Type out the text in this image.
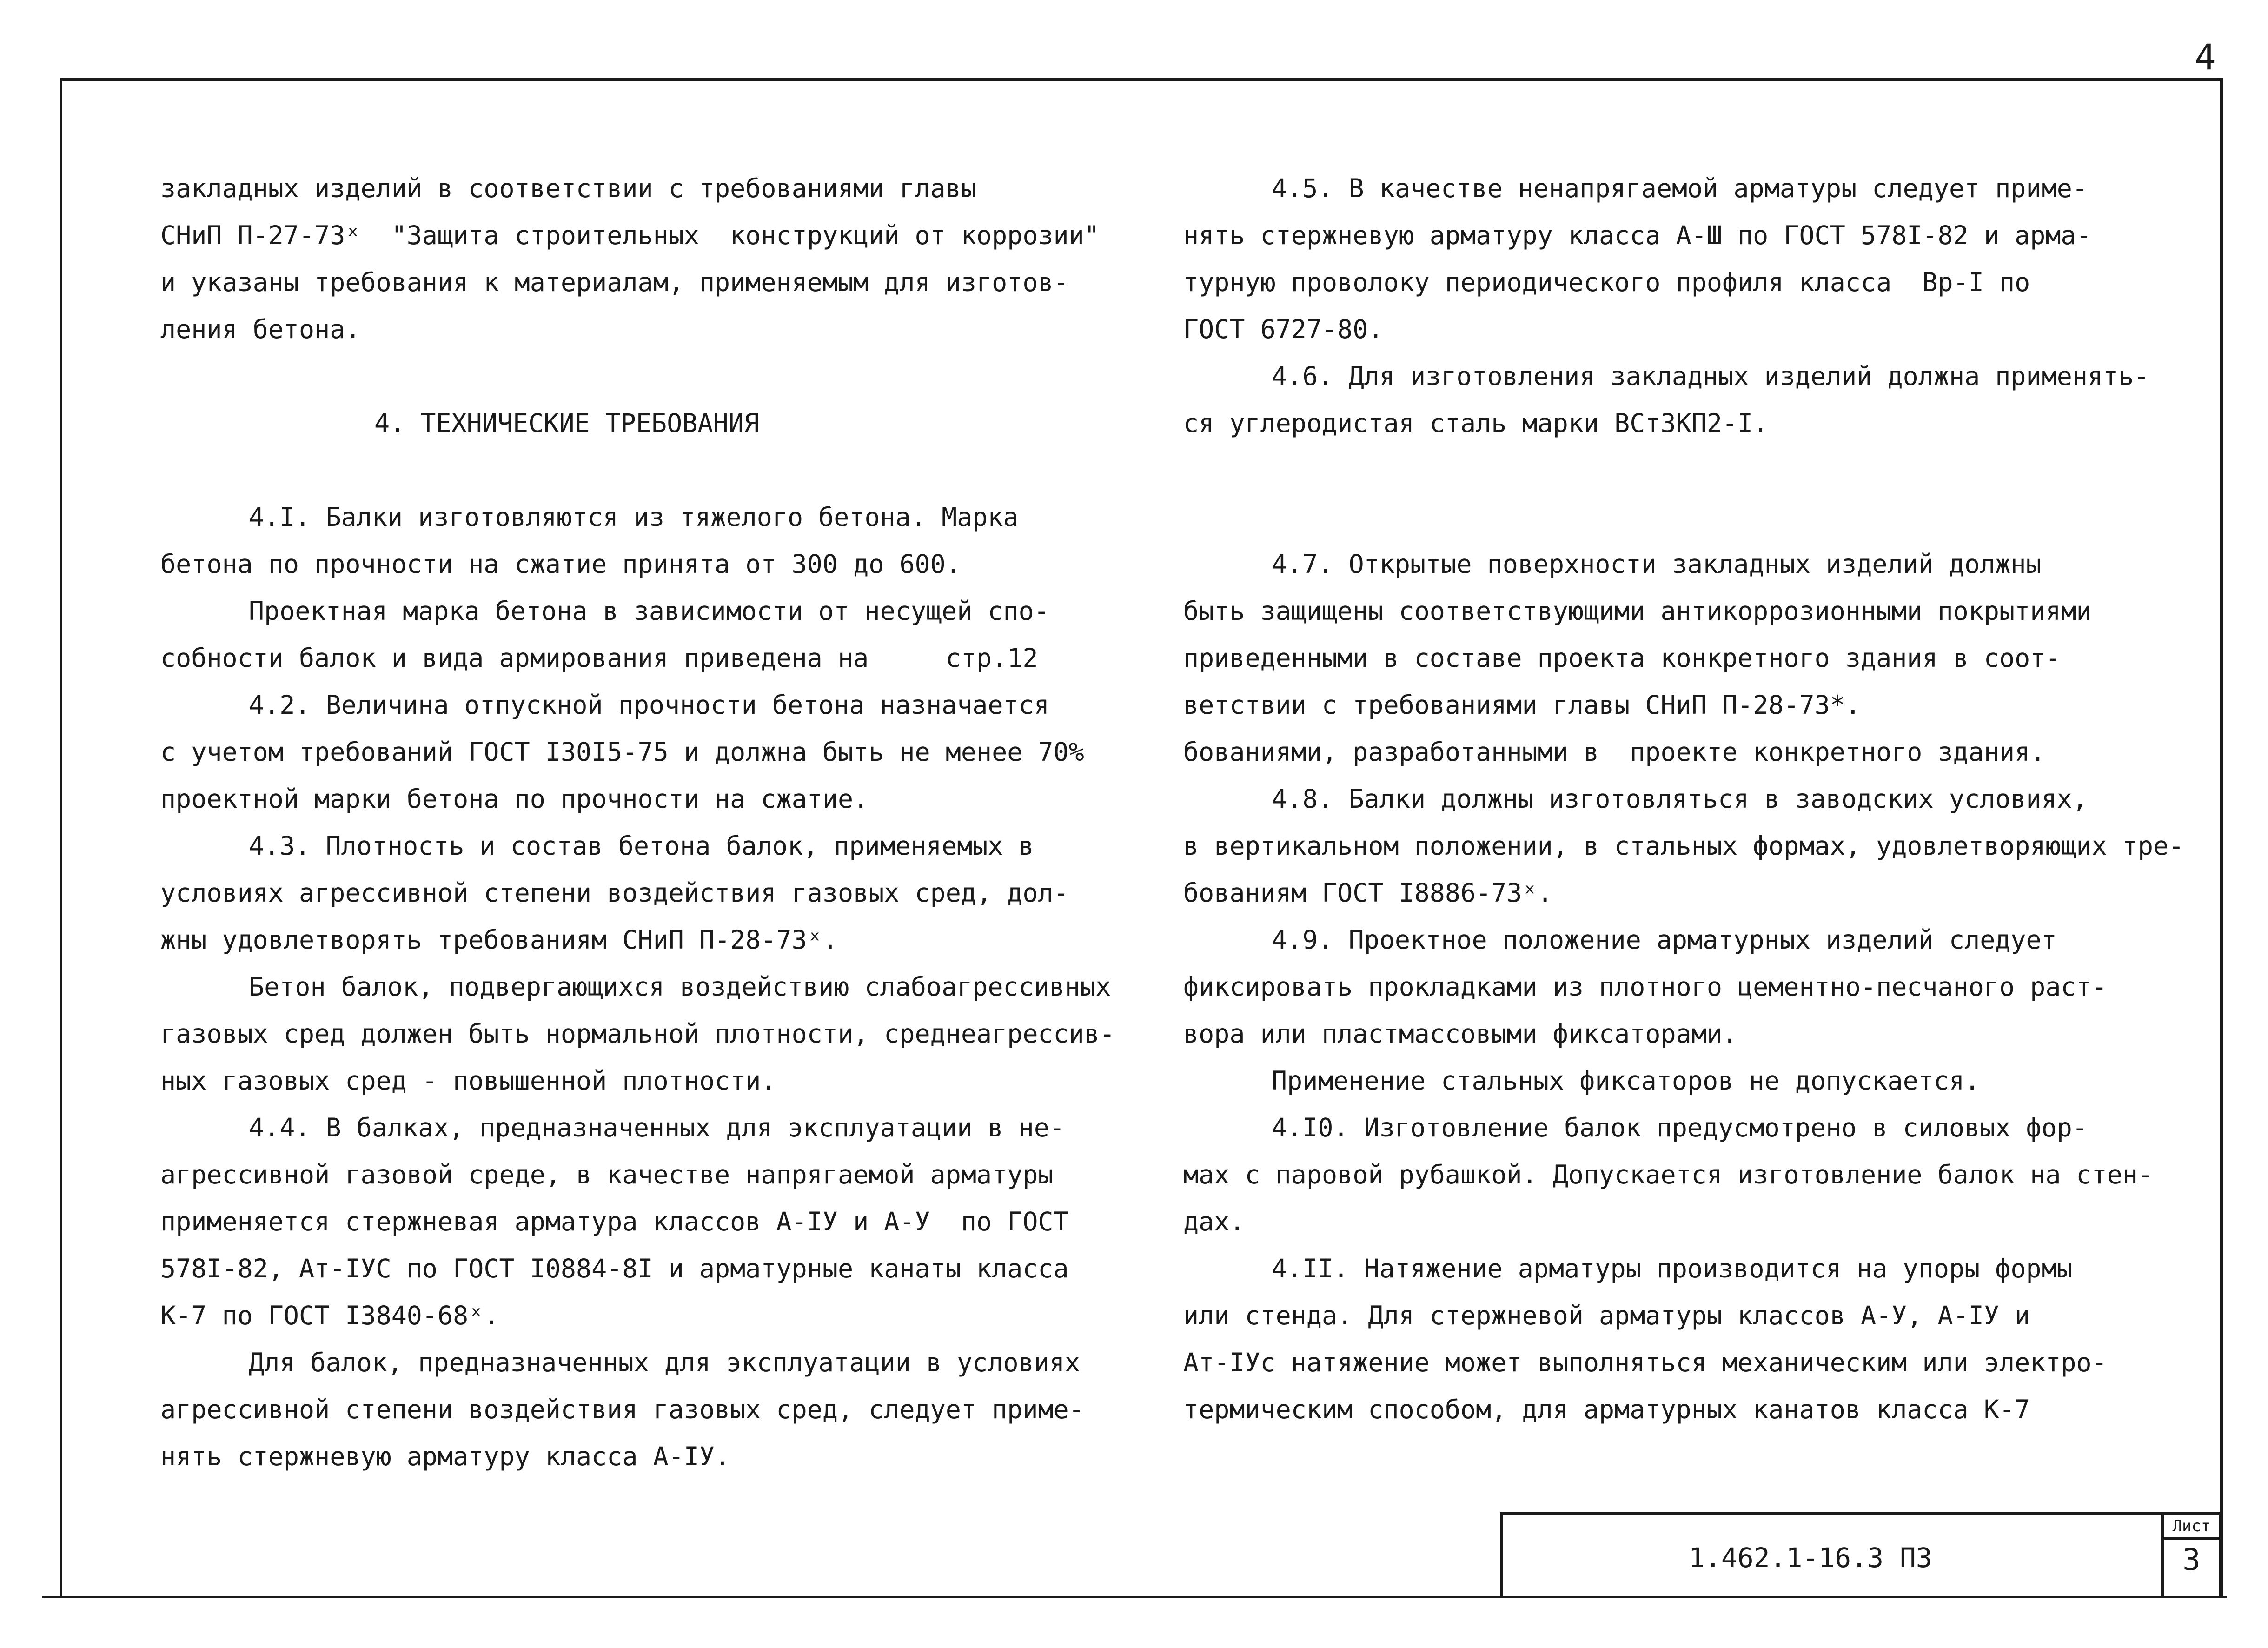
4
закладных изделий в соответствии с требованиями главы
СНиП П-27-73ˣ  "Защита строительных  конструкций от коррозии"
и указаны требования к материалам, применяемым для изготов-
ления бетона.
4. ТЕХНИЧЕСКИЕ ТРЕБОВАНИЯ
4.I. Балки изготовляются из тяжелого бетона. Марка
бетона по прочности на сжатие принята от 300 до 600.
Проектная марка бетона в зависимости от несущей спо-
собности балок и вида армирования приведена на     стр.12
4.2. Величина отпускной прочности бетона назначается
с учетом требований ГОСТ I30I5-75 и должна быть не менее 70%
проектной марки бетона по прочности на сжатие.
4.3. Плотность и состав бетона балок, применяемых в
условиях агрессивной степени воздействия газовых сред, дол-
жны удовлетворять требованиям СНиП П-28-73ˣ.
Бетон балок, подвергающихся воздействию слабоагрессивных
газовых сред должен быть нормальной плотности, среднеагрессив-
ных газовых сред - повышенной плотности.
4.4. В балках, предназначенных для эксплуатации в не-
агрессивной газовой среде, в качестве напрягаемой арматуры
применяется стержневая арматура классов А-IУ и А-У  по ГОСТ
578I-82, Ат-IУС по ГОСТ I0884-8I и арматурные канаты класса
К-7 по ГОСТ I3840-68ˣ.
Для балок, предназначенных для эксплуатации в условиях
агрессивной степени воздействия газовых сред, следует приме-
нять стержневую арматуру класса А-IУ.
4.5. В качестве ненапрягаемой арматуры следует приме-
нять стержневую арматуру класса А-Ш по ГОСТ 578I-82 и арма-
турную проволоку периодического профиля класса  Вр-I по
ГОСТ 6727-80.
4.6. Для изготовления закладных изделий должна применять-
ся углеродистая сталь марки ВСт3КП2-I.
4.7. Открытые поверхности закладных изделий должны
быть защищены соответствующими антикоррозионными покрытиями
приведенными в составе проекта конкретного здания в соот-
ветствии с требованиями главы СНиП П-28-73*.
бованиями, разработанными в  проекте конкретного здания.
4.8. Балки должны изготовляться в заводских условиях,
в вертикальном положении, в стальных формах, удовлетворяющих тре-
бованиям ГОСТ I8886-73ˣ.
4.9. Проектное положение арматурных изделий следует
фиксировать прокладками из плотного цементно-песчаного раст-
вора или пластмассовыми фиксаторами.
Применение стальных фиксаторов не допускается.
4.I0. Изготовление балок предусмотрено в силовых фор-
мах с паровой рубашкой. Допускается изготовление балок на стен-
дах.
4.II. Натяжение арматуры производится на упоры формы
или стенда. Для стержневой арматуры классов А-У, А-IУ и
Ат-IУс натяжение может выполняться механическим или электро-
термическим способом, для арматурных канатов класса К-7
1.462.1-16.3 ПЗ
Лист
3
